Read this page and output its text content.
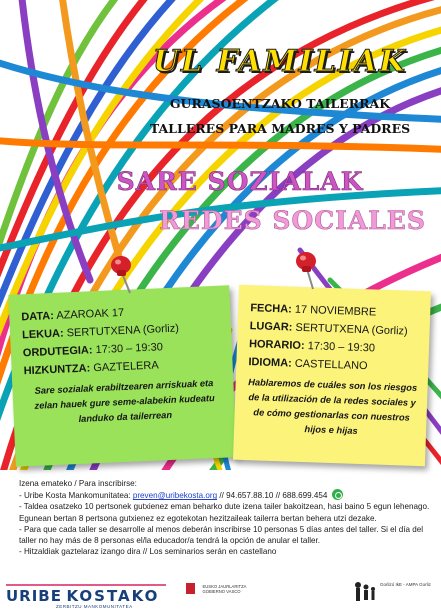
UL FAMILIAK
GURASOENTZAKO TAILERRAK
TALLERES PARA MADRES Y PADRES
SARE SOZIALAK
REDES SOCIALES
DATA: AZAROAK 17
LEKUA: SERTUTXENA (Gorliz)
ORDUTEGIA: 17:30 – 19:30
HIZKUNTZA: GAZTELERA
Sare sozialak erabiltzearen arriskuak eta zelan hauek gure seme-alabekin kudeatu landuko da tailerrean
FECHA: 17 NOVIEMBRE
LUGAR: SERTUTXENA (Gorliz)
HORARIO: 17:30 – 19:30
IDIOMA: CASTELLANO
Hablaremos de cuáles son los riesgos de la utilización de la redes sociales y de cómo gestionarlas con nuestros hijos e hijas

Izena emateko / Para inscribirse:

- Uribe Kosta Mankomunitatea: preven@uribekosta.org // 94.657.88.10 // 688.699.454

- Taldea osatzeko 10 pertsonek gutxienez eman beharko dute izena tailer bakoitzean, hasi baino 5 egun lehenago. Egunean bertan 8 pertsona gutxienez ez egotekotan hezitzaileak tailerra bertan behera utzi dezake.

- Para que cada taller se desarrolle al menos deberán inscribirse 10 personas 5 días antes del taller. Si el día del taller no hay más de 8 personas el/la educador/a tendrá la opción de anular el taller.

- Hitzaldiak gaztelaraz izango dira // Los seminarios serán en castellano

URIBE KOSTAKO
ZERBITZU MANKOMUNITATEA
EUSKO JAURLARITZA
GOBIERNO VASCO
Gorlizó IkE - AMPA Gorliz
